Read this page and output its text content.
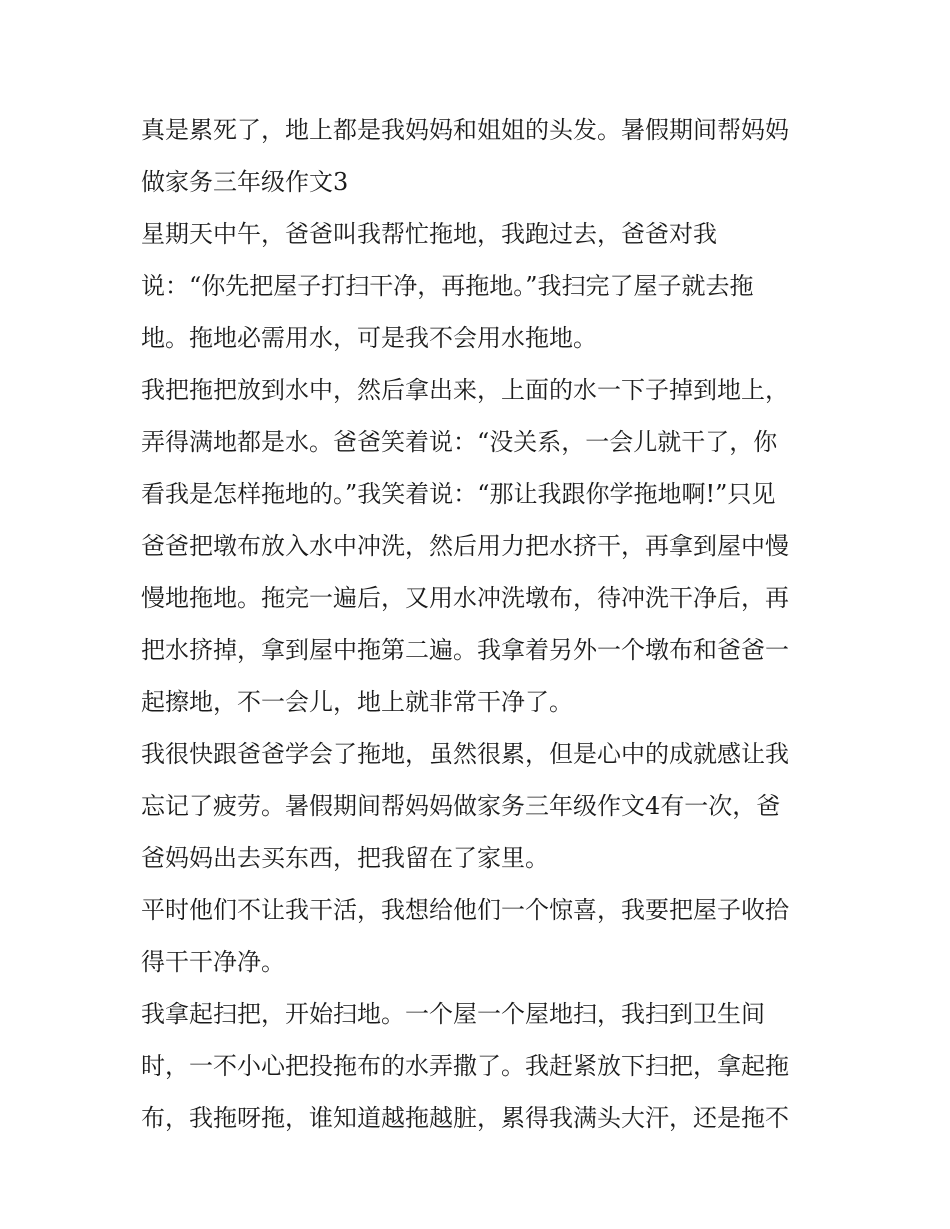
真是累死了，地上都是我妈妈和姐姐的头发。暑假期间帮妈妈
做家务三年级作文3
星期天中午，爸爸叫我帮忙拖地，我跑过去，爸爸对我
说：“你先把屋子打扫干净，再拖地。”我扫完了屋子就去拖
地。拖地必需用水，可是我不会用水拖地。
我把拖把放到水中，然后拿出来，上面的水一下子掉到地上，
弄得满地都是水。爸爸笑着说：“没关系，一会儿就干了，你
看我是怎样拖地的。”我笑着说：“那让我跟你学拖地啊!”只见
爸爸把墩布放入水中冲洗，然后用力把水挤干，再拿到屋中慢
慢地拖地。拖完一遍后，又用水冲洗墩布，待冲洗干净后，再
把水挤掉，拿到屋中拖第二遍。我拿着另外一个墩布和爸爸一
起擦地，不一会儿，地上就非常干净了。
我很快跟爸爸学会了拖地，虽然很累，但是心中的成就感让我
忘记了疲劳。暑假期间帮妈妈做家务三年级作文4有一次，爸
爸妈妈出去买东西，把我留在了家里。
平时他们不让我干活，我想给他们一个惊喜，我要把屋子收拾
得干干净净。
我拿起扫把，开始扫地。一个屋一个屋地扫，我扫到卫生间
时，一不小心把投拖布的水弄撒了。我赶紧放下扫把，拿起拖
布，我拖呀拖，谁知道越拖越脏，累得我满头大汗，还是拖不
